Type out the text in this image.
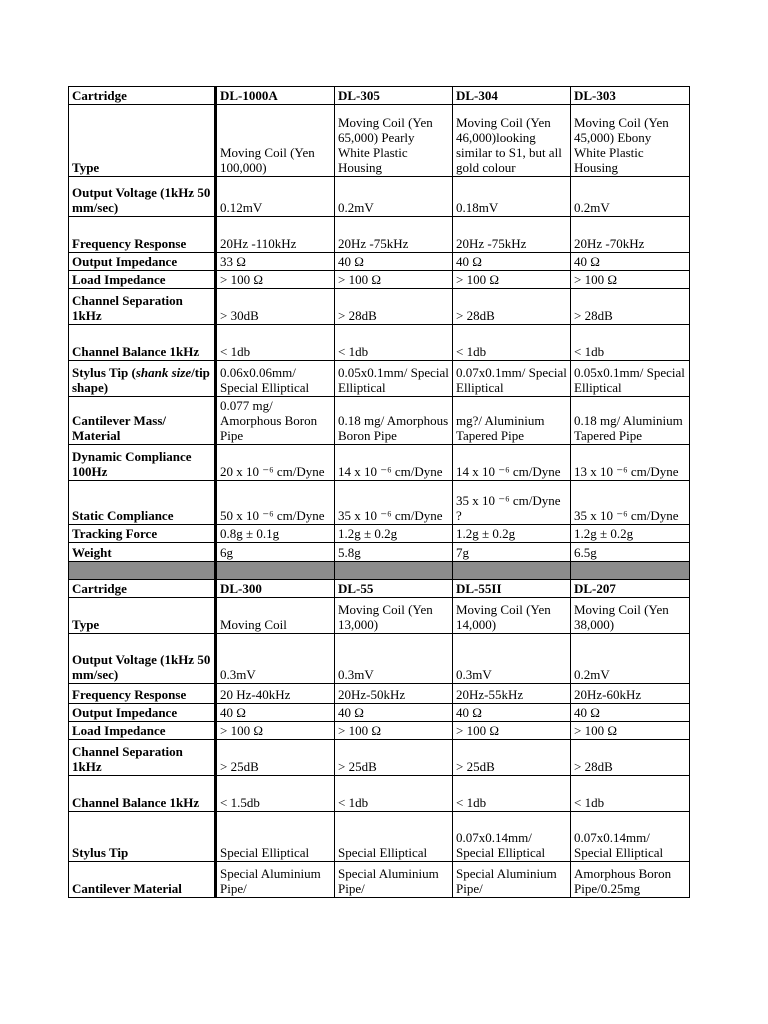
Cartridge	DL-1000A	DL-305	DL-304	DL-303
Type	Moving Coil (Yen 100,000)	Moving Coil (Yen 65,000) Pearly White Plastic Housing	Moving Coil (Yen 46,000)looking similar to S1, but all gold colour	Moving Coil (Yen 45,000) Ebony White Plastic Housing
Output Voltage (1kHz 50 mm/sec)	0.12mV	0.2mV	0.18mV	0.2mV
Frequency Response	20Hz -110kHz	20Hz -75kHz	20Hz -75kHz	20Hz -70kHz
Output Impedance	33 Ω	40 Ω	40 Ω	40 Ω
Load Impedance	> 100 Ω	> 100 Ω	> 100 Ω	> 100 Ω
Channel Separation 1kHz	> 30dB	> 28dB	> 28dB	> 28dB
Channel Balance 1kHz	< 1db	< 1db	< 1db	< 1db
Stylus Tip (shank size/tip shape)	0.06x0.06mm/ Special Elliptical	0.05x0.1mm/ Special Elliptical	0.07x0.1mm/ Special Elliptical	0.05x0.1mm/ Special Elliptical
Cantilever Mass/ Material	0.077 mg/ Amorphous Boron Pipe	0.18 mg/ Amorphous Boron Pipe	mg?/ Aluminium Tapered Pipe	0.18 mg/ Aluminium Tapered Pipe
Dynamic Compliance 100Hz	20 x 10 ⁻⁶ cm/Dyne	14 x 10 ⁻⁶ cm/Dyne	14 x 10 ⁻⁶ cm/Dyne	13 x 10 ⁻⁶ cm/Dyne
Static Compliance	50 x 10 ⁻⁶ cm/Dyne	35 x 10 ⁻⁶ cm/Dyne	35 x 10 ⁻⁶ cm/Dyne ?	35 x 10 ⁻⁶ cm/Dyne
Tracking Force	0.8g ± 0.1g	1.2g ± 0.2g	1.2g ± 0.2g	1.2g ± 0.2g
Weight	6g	5.8g	7g	6.5g

Cartridge	DL-300	DL-55	DL-55II	DL-207
Type	Moving Coil	Moving Coil (Yen 13,000)	Moving Coil (Yen 14,000)	Moving Coil (Yen 38,000)
Output Voltage (1kHz 50 mm/sec)	0.3mV	0.3mV	0.3mV	0.2mV
Frequency Response	20 Hz-40kHz	20Hz-50kHz	20Hz-55kHz	20Hz-60kHz
Output Impedance	40 Ω	40 Ω	40 Ω	40 Ω
Load Impedance	> 100 Ω	> 100 Ω	> 100 Ω	> 100 Ω
Channel Separation 1kHz	> 25dB	> 25dB	> 25dB	> 28dB
Channel Balance 1kHz	< 1.5db	< 1db	< 1db	< 1db
Stylus Tip	Special Elliptical	Special Elliptical	0.07x0.14mm/ Special Elliptical	0.07x0.14mm/ Special Elliptical
Cantilever Material	Special Aluminium Pipe/	Special Aluminium Pipe/	Special Aluminium Pipe/	Amorphous Boron Pipe/0.25mg
